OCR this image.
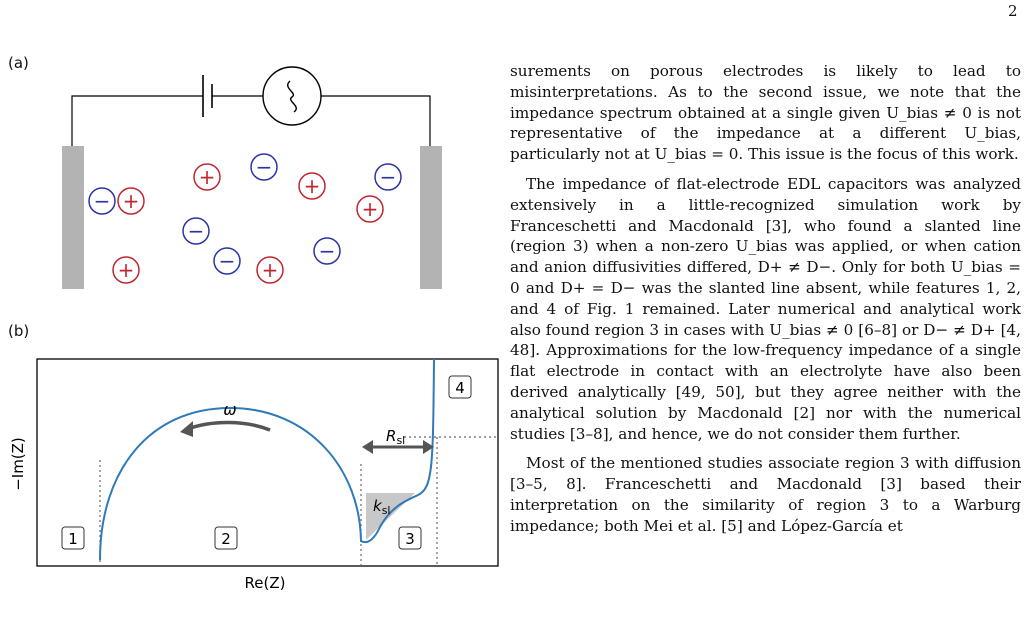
2
(a)
(b)
+ −
+	−
− +	+
−
−
−
+	+
ω
$R_{sl}$
$k_{sl}$
1	2	3
4
−Im(Z)
Re(Z)

surements on porous electrodes is likely to lead to misinterpretations. As to the second issue, we note that the impedance spectrum obtained at a single given U_bias ≠ 0 is not representative of the impedance at a different U_bias, particularly not at U_bias = 0. This issue is the focus of this work.

The impedance of flat-electrode EDL capacitors was analyzed extensively in a little-recognized simulation work by Franceschetti and Macdonald [3], who found a slanted line (region 3) when a non-zero U_bias was applied, or when cation and anion diffusivities differed, D+ ≠ D−. Only for both U_bias = 0 and D+ = D− was the slanted line absent, while features 1, 2, and 4 of Fig. 1 remained. Later numerical and analytical work also found region 3 in cases with U_bias ≠ 0 [6–8] or D− ≠ D+ [4, 48]. Approximations for the low-frequency impedance of a single flat electrode in contact with an electrolyte have also been derived analytically [49, 50], but they agree neither with the analytical solution by Macdonald [2] nor with the numerical studies [3–8], and hence, we do not consider them further.

Most of the mentioned studies associate region 3 with diffusion [3–5, 8]. Franceschetti and Macdonald [3] based their interpretation on the similarity of region 3 to a Warburg impedance; both Mei et al. [5] and López-García et
